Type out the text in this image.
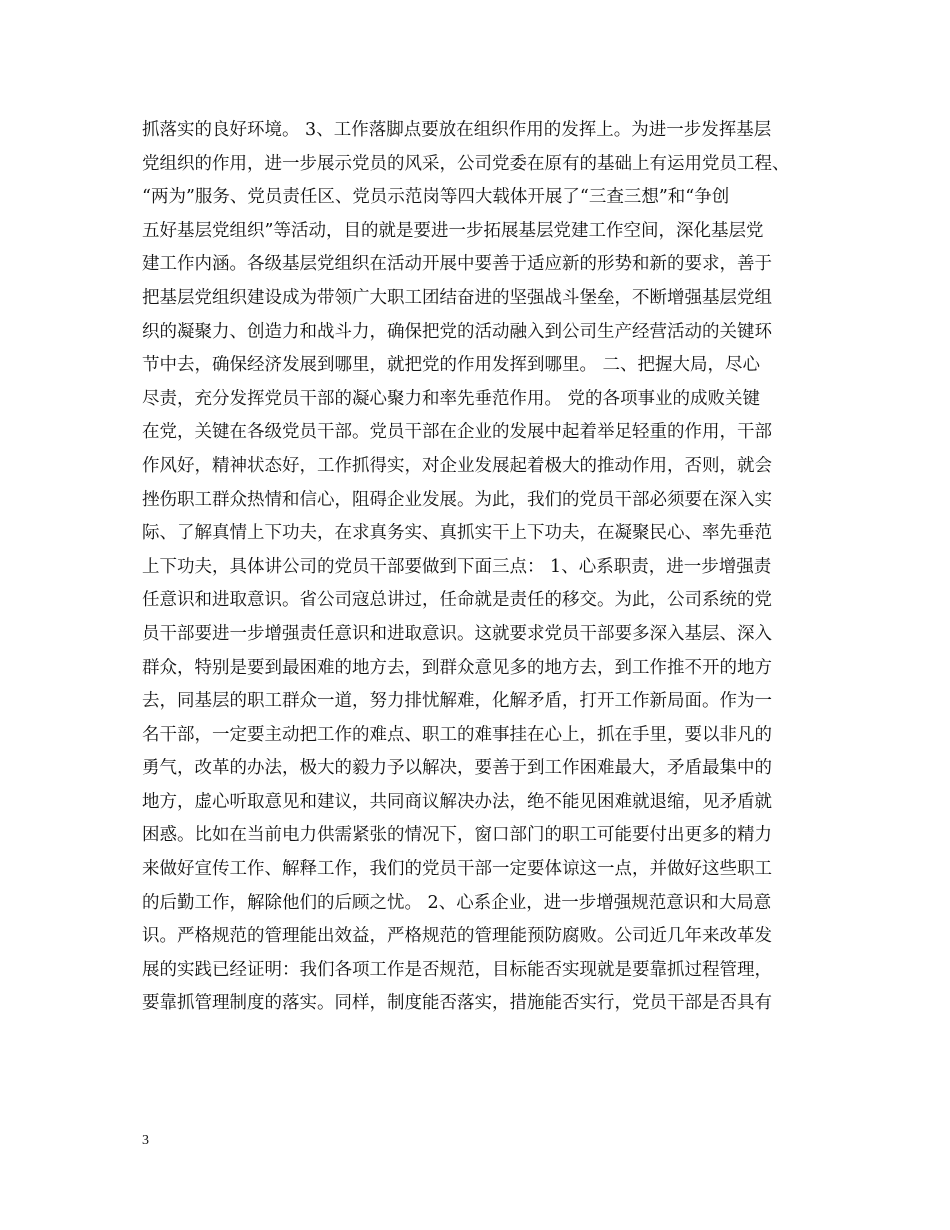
抓落实的良好环境。 3、工作落脚点要放在组织作用的发挥上。为进一步发挥基层
党组织的作用，进一步展示党员的风采，公司党委在原有的基础上有运用党员工程、
“两为”服务、党员责任区、党员示范岗等四大载体开展了“三查三想”和“争创
五好基层党组织”等活动，目的就是要进一步拓展基层党建工作空间，深化基层党
建工作内涵。各级基层党组织在活动开展中要善于适应新的形势和新的要求，善于
把基层党组织建设成为带领广大职工团结奋进的坚强战斗堡垒，不断增强基层党组
织的凝聚力、创造力和战斗力，确保把党的活动融入到公司生产经营活动的关键环
节中去，确保经济发展到哪里，就把党的作用发挥到哪里。 二、把握大局，尽心
尽责，充分发挥党员干部的凝心聚力和率先垂范作用。 党的各项事业的成败关键
在党，关键在各级党员干部。党员干部在企业的发展中起着举足轻重的作用，干部
作风好，精神状态好，工作抓得实，对企业发展起着极大的推动作用，否则，就会
挫伤职工群众热情和信心，阻碍企业发展。为此，我们的党员干部必须要在深入实
际、了解真情上下功夫，在求真务实、真抓实干上下功夫，在凝聚民心、率先垂范
上下功夫，具体讲公司的党员干部要做到下面三点： 1、心系职责，进一步增强责
任意识和进取意识。省公司寇总讲过，任命就是责任的移交。为此，公司系统的党
员干部要进一步增强责任意识和进取意识。这就要求党员干部要多深入基层、深入
群众，特别是要到最困难的地方去，到群众意见多的地方去，到工作推不开的地方
去，同基层的职工群众一道，努力排忧解难，化解矛盾，打开工作新局面。作为一
名干部，一定要主动把工作的难点、职工的难事挂在心上，抓在手里，要以非凡的
勇气，改革的办法，极大的毅力予以解决，要善于到工作困难最大，矛盾最集中的
地方，虚心听取意见和建议，共同商议解决办法，绝不能见困难就退缩，见矛盾就
困惑。比如在当前电力供需紧张的情况下，窗口部门的职工可能要付出更多的精力
来做好宣传工作、解释工作，我们的党员干部一定要体谅这一点，并做好这些职工
的后勤工作，解除他们的后顾之忧。 2、心系企业，进一步增强规范意识和大局意
识。严格规范的管理能出效益，严格规范的管理能预防腐败。公司近几年来改革发
展的实践已经证明：我们各项工作是否规范，目标能否实现就是要靠抓过程管理，
要靠抓管理制度的落实。同样，制度能否落实，措施能否实行，党员干部是否具有
3
